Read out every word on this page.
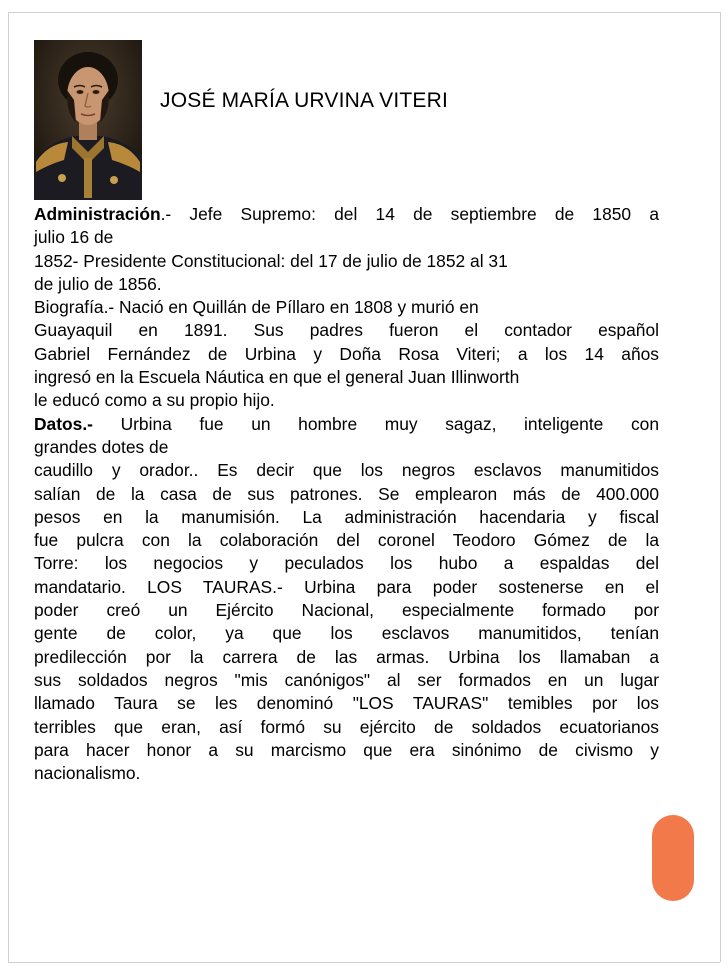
JOSÉ MARÍA URVINA VITERI
Administración.- Jefe Supremo: del 14 de septiembre de 1850 a
julio 16 de
1852- Presidente Constitucional: del 17 de julio de 1852 al 31
de julio de 1856.
Biografía.- Nació en Quillán de Píllaro en 1808 y murió en
Guayaquil en 1891. Sus padres fueron el contador español
Gabriel Fernández de Urbina y Doña Rosa Viteri; a los 14 años
ingresó en la Escuela Náutica en que el general Juan Illinworth
le educó como a su propio hijo.
Datos.- Urbina fue un hombre muy sagaz, inteligente con
grandes dotes de
caudillo y orador.. Es decir que los negros esclavos manumitidos
salían de la casa de sus patrones. Se emplearon más de 400.000
pesos en la manumisión. La administración hacendaria y fiscal
fue pulcra con la colaboración del coronel Teodoro Gómez de la
Torre: los negocios y peculados los hubo a espaldas del
mandatario. LOS TAURAS.- Urbina para poder sostenerse en el
poder creó un Ejército Nacional, especialmente formado por
gente de color, ya que los esclavos manumitidos, tenían
predilección por la carrera de las armas. Urbina los llamaban a
sus soldados negros "mis canónigos" al ser formados en un lugar
llamado Taura se les denominó "LOS TAURAS" temibles por los
terribles que eran, así formó su ejército de soldados ecuatorianos
para hacer honor a su marcismo que era sinónimo de civismo y
nacionalismo.
